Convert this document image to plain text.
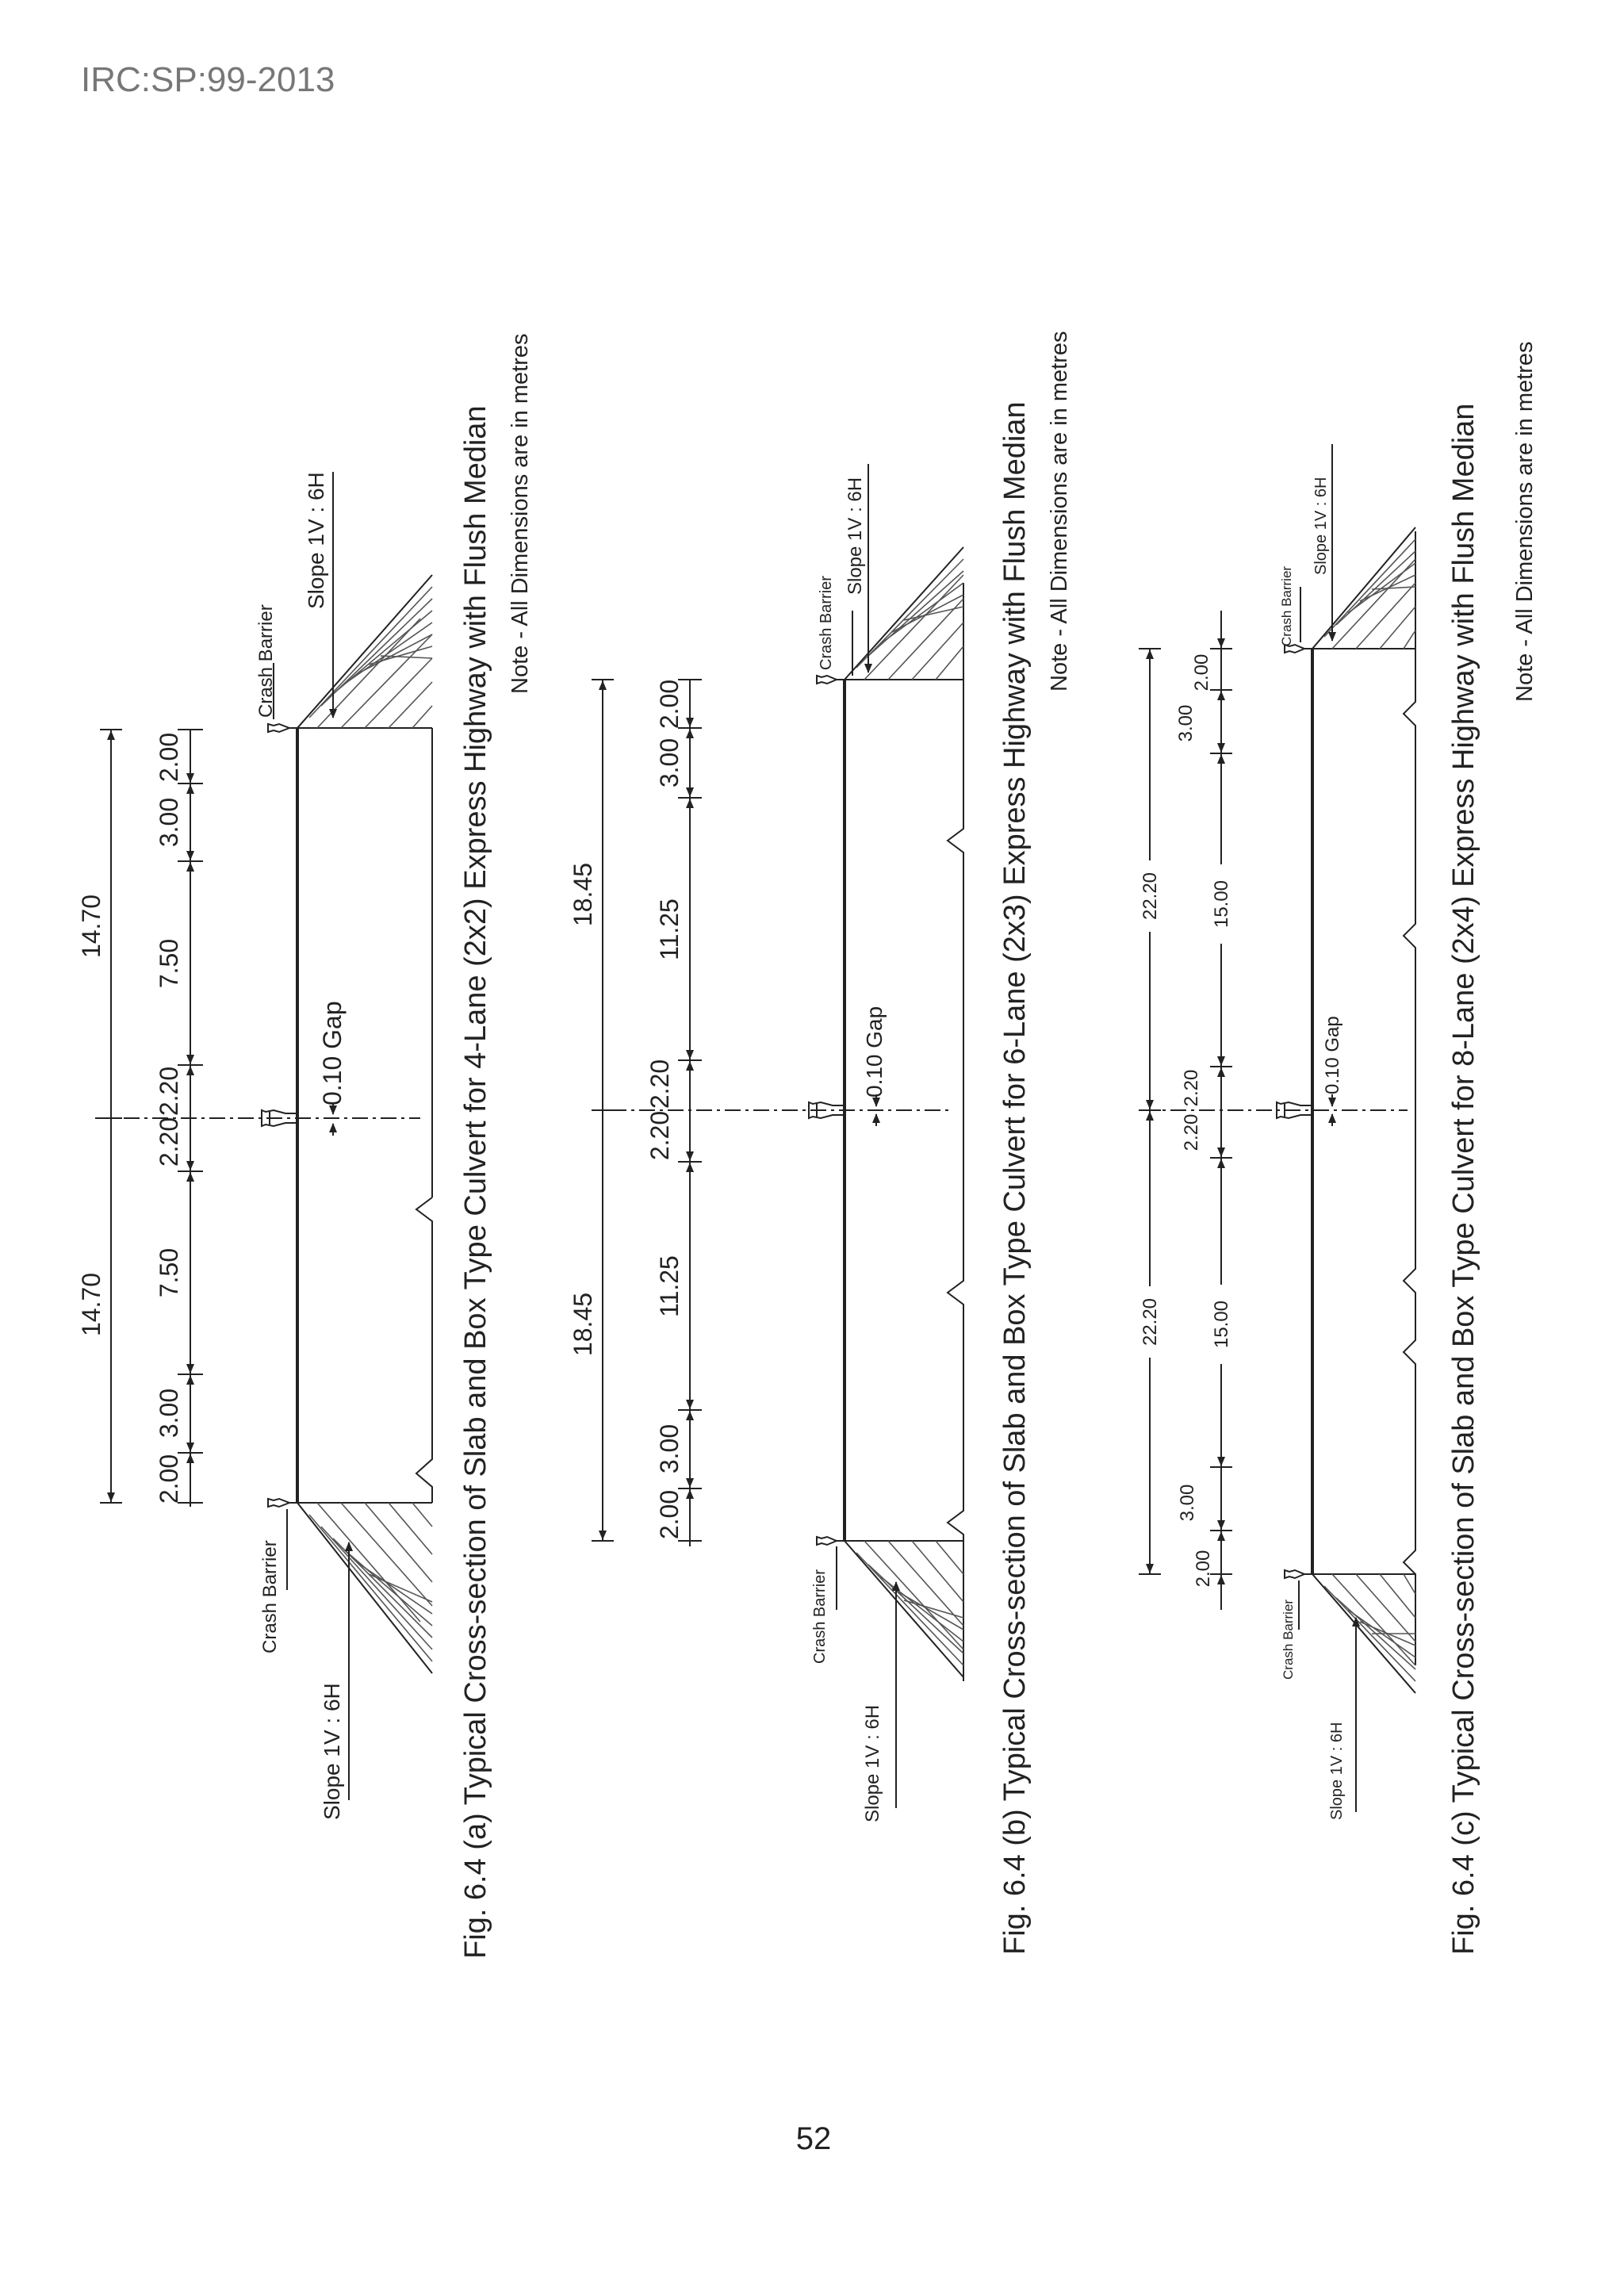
IRC:SP:99-2013
14.70
14.70
2.00
3.00
7.50
2.20
2.20
7.50
3.00
2.00
Crash Barrier
Crash Barrier
0.10 Gap
Slope 1V : 6H
Slope 1V : 6H	Fig. 6.4 (a) Typical Cross-section of Slab and Box Type Culvert for 4-Lane (2x2) Express Highway with Flush Median Note - All Dimensions are in metres
18.45
18.45
2.00
3.00
11.25
2.20
2.20
11.25
3.00
2.00
Crash Barrier
Crash Barrier
0.10 Gap
Slope 1V : 6H
Slope 1V : 6H	Fig. 6.4 (b) Typical Cross-section of Slab and Box Type Culvert for 6-Lane (2x3) Express Highway with Flush Median Note - All Dimensions are in metres
22.20
22.20
2.00
3.00
15.00
2.20
2.20
15.00
3.00
2.00
Crash Barrier
Crash Barrier
0.10 Gap
Slope 1V : 6H
Slope 1V : 6H	Fig. 6.4 (c) Typical Cross-section of Slab and Box Type Culvert for 8-Lane (2x4) Express Highway with Flush Median Note - All Dimensions are in metres
52
